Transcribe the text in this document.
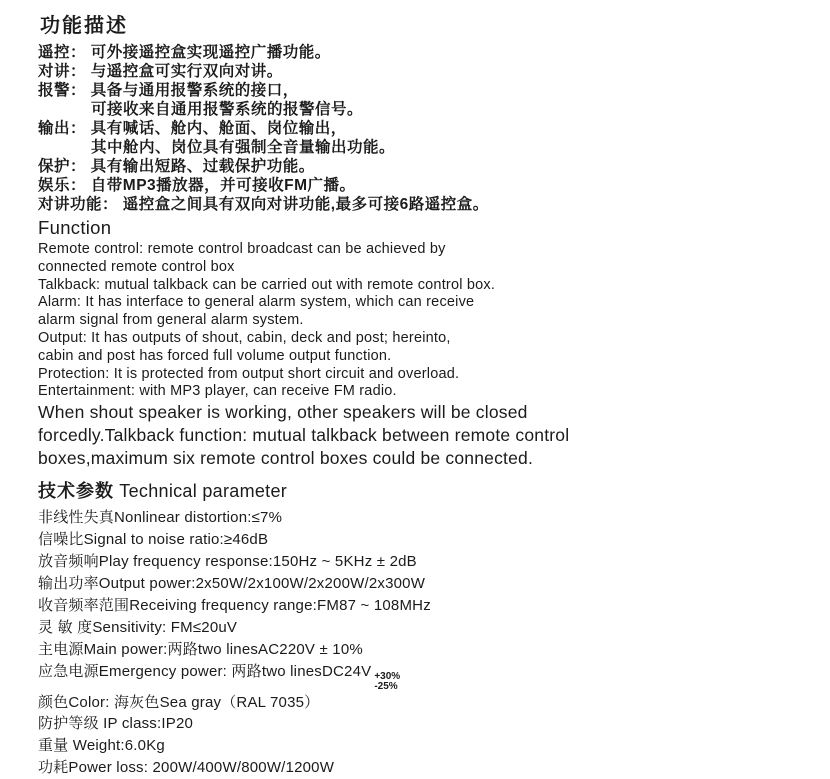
功能描述
遥控： 可外接遥控盒实现遥控广播功能。
对讲： 与遥控盒可实行双向对讲。
报警： 具备与通用报警系统的接口，
可接收来自通用报警系统的报警信号。
输出： 具有喊话、舱内、舱面、岗位输出，
其中舱内、岗位具有强制全音量输出功能。
保护： 具有输出短路、过载保护功能。
娱乐： 自带MP3播放器，并可接收FM广播。
对讲功能： 遥控盒之间具有双向对讲功能,最多可接6路遥控盒。
Function
Remote control: remote control broadcast can be achieved by
connected remote control box
Talkback: mutual talkback can be carried out with remote control box.
Alarm: It has interface to general alarm system, which can receive
alarm signal from general alarm system.
Output: It has outputs of shout, cabin, deck and post; hereinto,
cabin and post has forced full volume output function.
Protection: It is protected from output short circuit and overload.
Entertainment: with MP3 player, can receive FM radio.
When shout speaker is working, other speakers will be closed
forcedly.Talkback function: mutual talkback between remote control
boxes,maximum six remote control boxes could be connected.
技术参数 Technical parameter
非线性失真Nonlinear distortion:≤7%
信噪比Signal to noise ratio:≥46dB
放音频响Play frequency response:150Hz ~ 5KHz ± 2dB
输出功率Output power:2x50W/2x100W/2x200W/2x300W
收音频率范围Receiving frequency range:FM87 ~ 108MHz
灵 敏 度Sensitivity: FM≤20uV
主电源Main power:两路two linesAC220V ± 10%
应急电源Emergency power: 两路two linesDC24V +30%
-25%
颜色Color: 海灰色Sea gray（RAL 7035）
防护等级 IP class:IP20
重量 Weight:6.0Kg
功耗Power loss: 200W/400W/800W/1200W
